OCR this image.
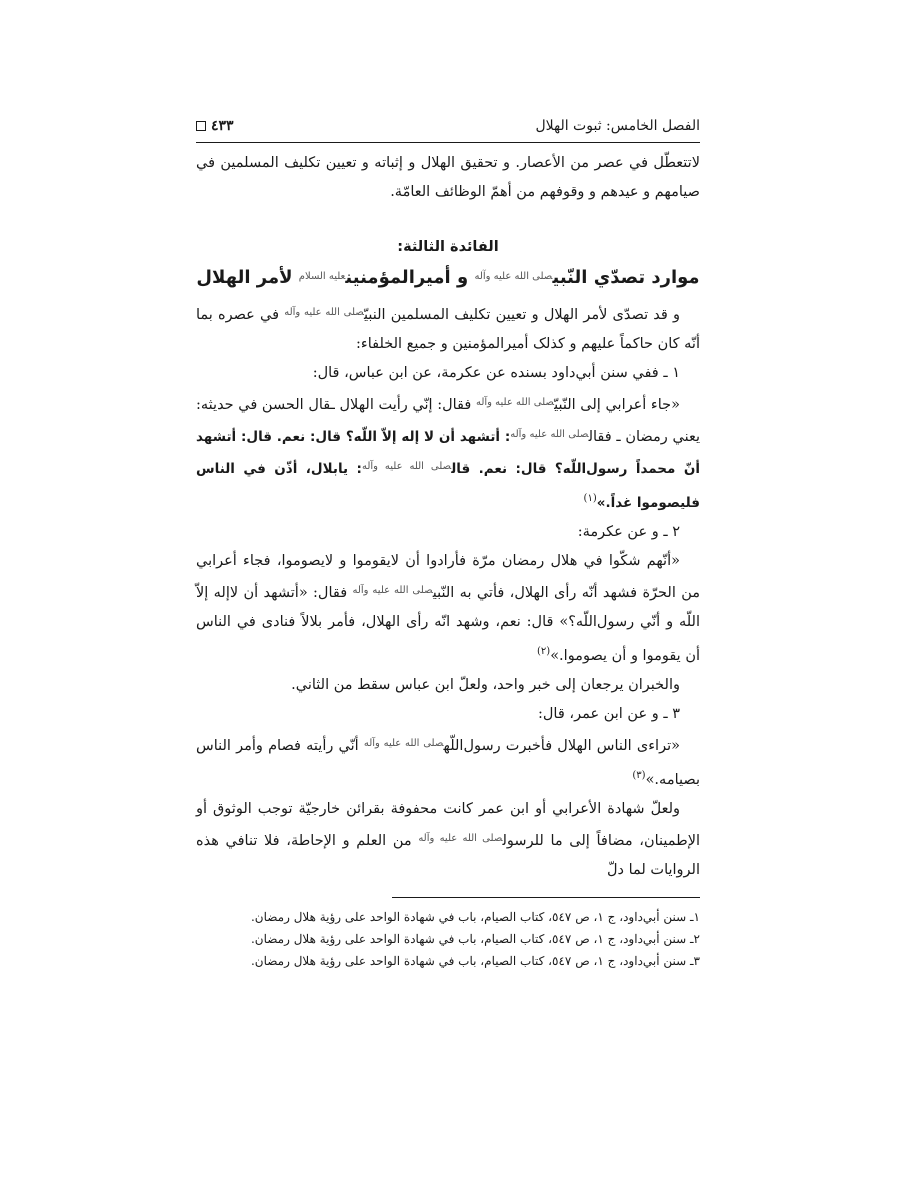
الفصل الخامس: ثبوت الهلال
٤٣٣

لاتتعطّل في عصر من الأعصار. و تحقيق الهلال و إثباته و تعيين تكليف المسلمين في صيامهم و عيدهم و وقوفهم من أهمّ الوظائف العامّة.

الفائدة الثالثة:
موارد تصدّي النّبي$^{صلى الله عليه وآله}$ و أميرالمؤمنين$^{عليه السلام}$ لأمر الهلال

و قد تصدّى لأمر الهلال و تعيين تكليف المسلمين النبيّ$^{صلى الله عليه وآله}$ في عصره بما أنّه كان حاكماً عليهم و كذلک أميرالمؤمنين و جميع الخلفاء:

١ ـ ففي سنن أبي‌داود بسنده عن عكرمة، عن ابن عباس، قال:

«جاء أعرابي إلى النّبيّ$^{صلى الله عليه وآله}$ فقال: إنّي رأيت الهلال ـقال الحسن في حديثه: يعني رمضان ـ فقال$^{صلى الله عليه وآله}$: أتشهد أن لا إله إلاّ اللّه؟ قال: نعم. قال: أتشهد أنّ محمداً رسول‌اللّه؟ قال: نعم. قال$^{صلى الله عليه وآله}$: يابلال، أذّن في الناس فليصوموا غداً.»$^{(١)}$

٢ ـ و عن عكرمة:

«أنّهم شكّوا في هلال رمضان مرّة فأرادوا أن لايقوموا و لايصوموا، فجاء أعرابي من الحرّة فشهد أنّه رأى الهلال، فأتي به النّبي$^{صلى الله عليه وآله}$ فقال: «أتشهد أن لاإله إلاّ اللّه و أنّي رسول‌اللّه؟» قال: نعم، وشهد انّه رأى الهلال، فأمر بلالاً فنادى في الناس أن يقوموا و أن يصوموا.»$^{(٢)}$

والخبران يرجعان إلى خبر واحد، ولعلّ ابن عباس سقط من الثاني.

٣ ـ و عن ابن عمر، قال:

«تراءى الناس الهلال فأخبرت رسول‌اللّه$^{صلى الله عليه وآله}$ أنّي رأيته فصام وأمر الناس بصيامه.»$^{(٣)}$

ولعلّ شهادة الأعرابي أو ابن عمر كانت محفوفة بقرائن خارجيّة توجب الوثوق أو الإطمينان، مضافاً إلى ما للرسول$^{صلى الله عليه وآله}$ من العلم و الإحاطة، فلا تنافي هذه الروايات لما دلّ

١ـ سنن أبي‌داود، ج ١، ص ٥٤٧، كتاب الصيام، باب في شهادة الواحد على رؤية هلال رمضان.
٢ـ سنن أبي‌داود، ج ١، ص ٥٤٧، كتاب الصيام، باب في شهادة الواحد على رؤية هلال رمضان.
٣ـ سنن أبي‌داود، ج ١، ص ٥٤٧، كتاب الصيام، باب في شهادة الواحد على رؤية هلال رمضان.
